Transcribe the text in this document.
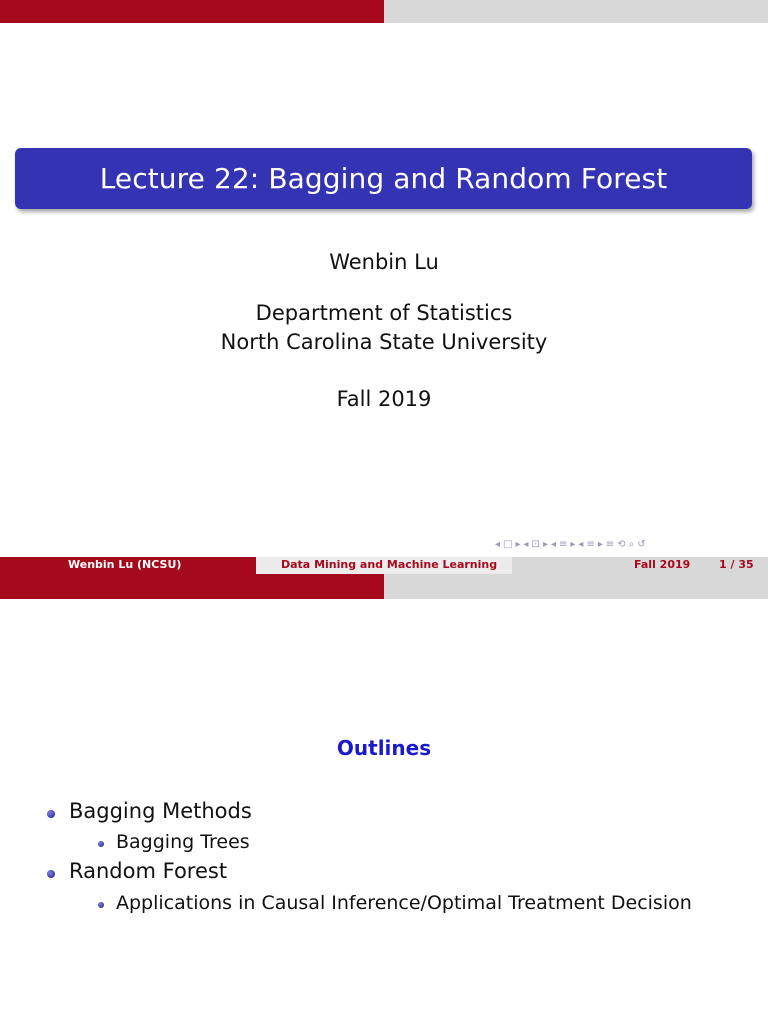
Lecture 22: Bagging and Random Forest
Wenbin Lu
Department of Statistics
North Carolina State University
Fall 2019
◂ □ ▸ ◂ ⊡ ▸ ◂ ≡ ▸ ◂ ≡ ▸ ≡ ⟲ ⌕ ↺
Wenbin Lu (NCSU)	Data Mining and Machine Learning	Fall 2019	1 / 35
Outlines
Bagging Methods
Bagging Trees
Random Forest
Applications in Causal Inference/Optimal Treatment Decision
